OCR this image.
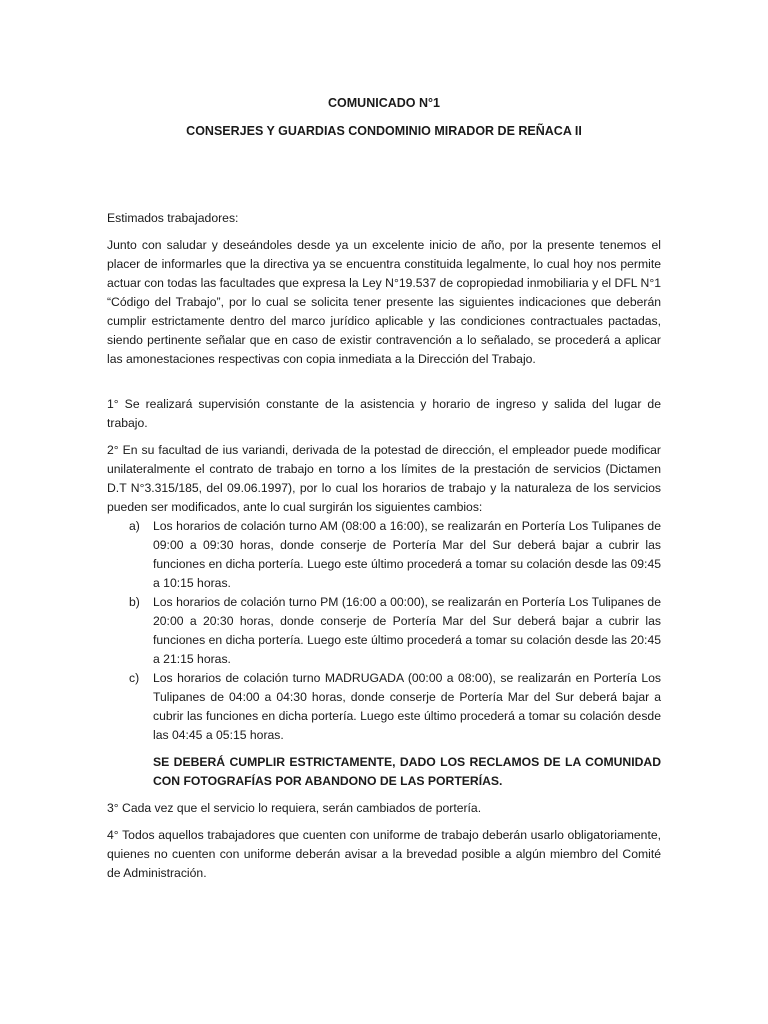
COMUNICADO N°1
CONSERJES Y GUARDIAS CONDOMINIO MIRADOR DE REÑACA II

Estimados trabajadores:

Junto con saludar y deseándoles desde ya un excelente inicio de año, por la presente tenemos el placer de informarles que la directiva ya se encuentra constituida legalmente, lo cual hoy nos permite actuar con todas las facultades que expresa la Ley N°19.537 de copropiedad inmobiliaria y el DFL N°1 “Código del Trabajo”, por lo cual se solicita tener presente las siguientes indicaciones que deberán cumplir estrictamente dentro del marco jurídico aplicable y las condiciones contractuales pactadas, siendo pertinente señalar que en caso de existir contravención a lo señalado, se procederá a aplicar las amonestaciones respectivas con copia inmediata a la Dirección del Trabajo.

1° Se realizará supervisión constante de la asistencia y horario de ingreso y salida del lugar de trabajo.

2° En su facultad de ius variandi, derivada de la potestad de dirección, el empleador puede modificar unilateralmente el contrato de trabajo en torno a los límites de la prestación de servicios (Dictamen D.T N°3.315/185, del 09.06.1997), por lo cual los horarios de trabajo y la naturaleza de los servicios pueden ser modificados, ante lo cual surgirán los siguientes cambios:

a) Los horarios de colación turno AM (08:00 a 16:00), se realizarán en Portería Los Tulipanes de 09:00 a 09:30 horas, donde conserje de Portería Mar del Sur deberá bajar a cubrir las funciones en dicha portería. Luego este último procederá a tomar su colación desde las 09:45 a 10:15 horas.
b) Los horarios de colación turno PM (16:00 a 00:00), se realizarán en Portería Los Tulipanes de 20:00 a 20:30 horas, donde conserje de Portería Mar del Sur deberá bajar a cubrir las funciones en dicha portería. Luego este último procederá a tomar su colación desde las 20:45 a 21:15 horas.
c) Los horarios de colación turno MADRUGADA (00:00 a 08:00), se realizarán en Portería Los Tulipanes de 04:00 a 04:30 horas, donde conserje de Portería Mar del Sur deberá bajar a cubrir las funciones en dicha portería. Luego este último procederá a tomar su colación desde las 04:45 a 05:15 horas.

SE DEBERÁ CUMPLIR ESTRICTAMENTE, DADO LOS RECLAMOS DE LA COMUNIDAD CON FOTOGRAFÍAS POR ABANDONO DE LAS PORTERÍAS.

3° Cada vez que el servicio lo requiera, serán cambiados de portería.

4° Todos aquellos trabajadores que cuenten con uniforme de trabajo deberán usarlo obligatoriamente, quienes no cuenten con uniforme deberán avisar a la brevedad posible a algún miembro del Comité de Administración.
